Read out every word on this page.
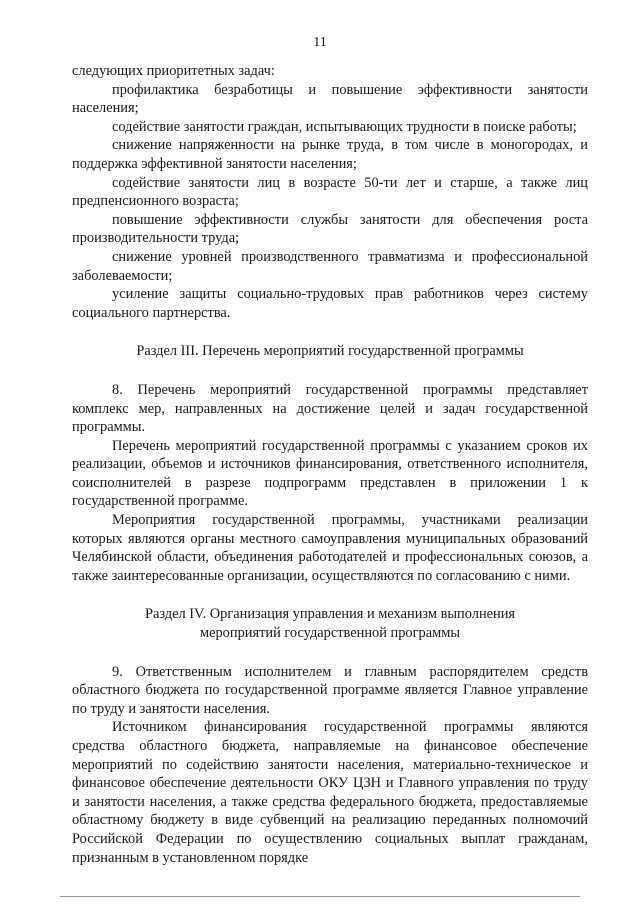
11

следующих приоритетных задач:

профилактика безработицы и повышение эффективности занятости населения;

содействие занятости граждан, испытывающих трудности в поиске работы;

снижение напряженности на рынке труда, в том числе в моногородах, и поддержка эффективной занятости населения;

содействие занятости лиц в возрасте 50-ти лет и старше, а также лиц предпенсионного возраста;

повышение эффективности службы занятости для обеспечения роста производительности труда;

снижение уровней производственного травматизма и профессиональной заболеваемости;

усиление защиты социально-трудовых прав работников через систему социального партнерства.

Раздел III. Перечень мероприятий государственной программы

8. Перечень мероприятий государственной программы представляет комплекс мер, направленных на достижение целей и задач государственной программы.

Перечень мероприятий государственной программы с указанием сроков их реализации, объемов и источников финансирования, ответственного исполнителя, соисполнителей в разрезе подпрограмм представлен в приложении 1 к государственной программе.

Мероприятия государственной программы, участниками реализации которых являются органы местного самоуправления муниципальных образований Челябинской области, объединения работодателей и профессиональных союзов, а также заинтересованные организации, осуществляются по согласованию с ними.

Раздел IV. Организация управления и механизм выполнения

мероприятий государственной программы

9. Ответственным исполнителем и главным распорядителем средств областного бюджета по государственной программе является Главное управление по труду и занятости населения.

Источником финансирования государственной программы являются средства областного бюджета, направляемые на финансовое обеспечение мероприятий по содействию занятости населения, материально-техническое и финансовое обеспечение деятельности ОКУ ЦЗН и Главного управления по труду и занятости населения, а также средства федерального бюджета, предоставляемые областному бюджету в виде субвенций на реализацию переданных полномочий Российской Федерации по осуществлению социальных выплат гражданам, признанным в установленном порядке
